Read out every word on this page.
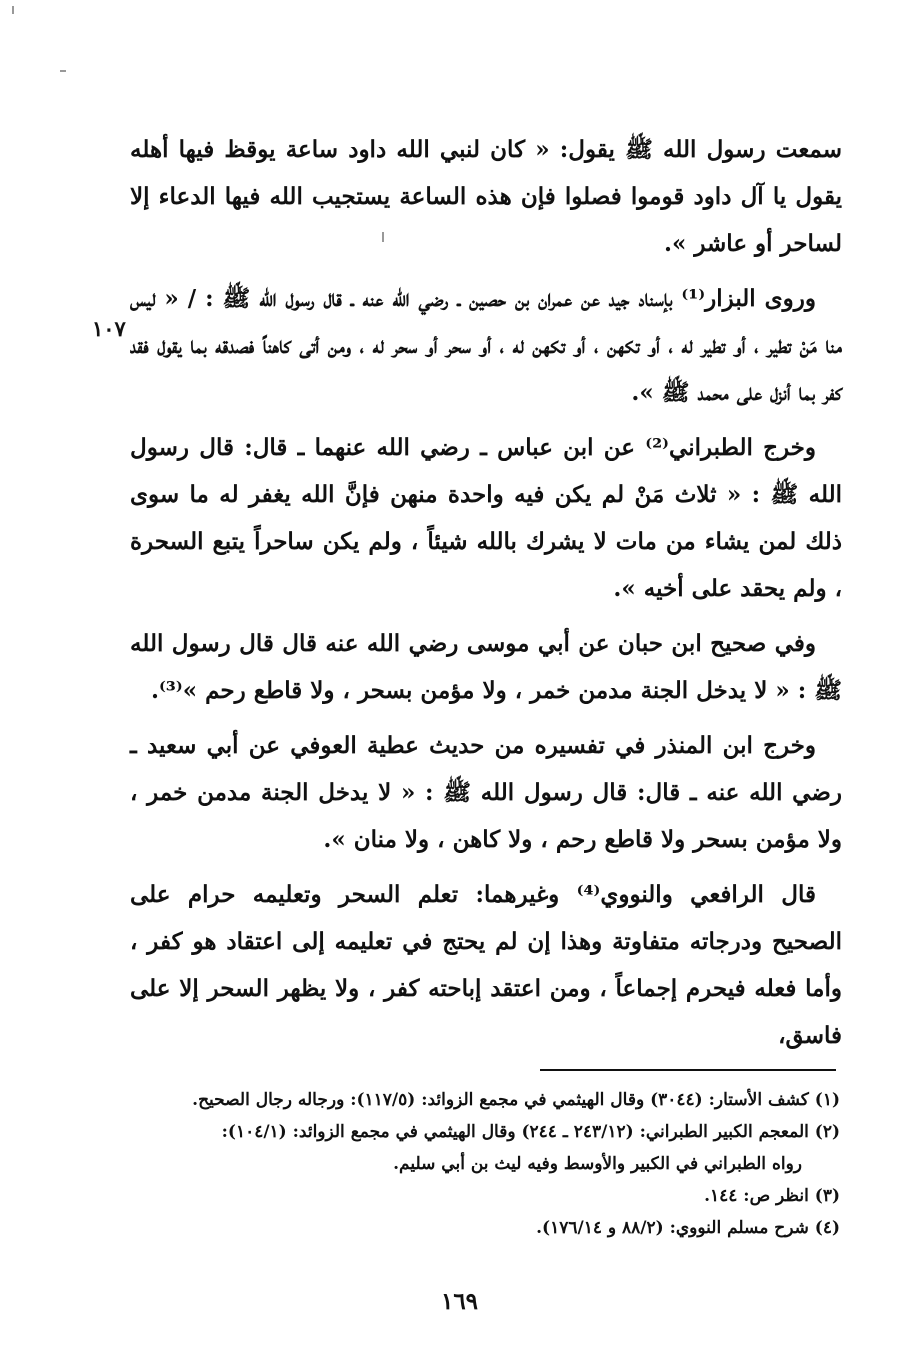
سمعت رسول الله ﷺ يقول: « كان لنبي الله داود ساعة يوقظ فيها أهله يقول يا آل داود قوموا فصلوا فإن هذه الساعة يستجيب الله فيها الدعاء إلا لساحر أو عاشر ».

وروى البزار⁽¹⁾ بإسناد جيد عن عمران بن حصين ـ رضي الله عنه ـ قال رسول الله ﷺ : / « ليس منا مَنْ تطير ، أو تطير له ، أو تكهن ، أو تكهن له ، أو سحر أو سحر له ، ومن أتى كاهناً فصدقه بما يقول فقد كفر بما أنزل على محمد ﷺ ».

وخرج الطبراني⁽²⁾ عن ابن عباس ـ رضي الله عنهما ـ قال: قال رسول الله ﷺ : « ثلاث مَنْ لم يكن فيه واحدة منهن فإنَّ الله يغفر له ما سوى ذلك لمن يشاء من مات لا يشرك بالله شيئاً ، ولم يكن ساحراً يتبع السحرة ، ولم يحقد على أخيه ».

وفي صحيح ابن حبان عن أبي موسى رضي الله عنه قال قال رسول الله ﷺ : « لا يدخل الجنة مدمن خمر ، ولا مؤمن بسحر ، ولا قاطع رحم »⁽³⁾.

وخرج ابن المنذر في تفسيره من حديث عطية العوفي عن أبي سعيد ـ رضي الله عنه ـ قال: قال رسول الله ﷺ : « لا يدخل الجنة مدمن خمر ، ولا مؤمن بسحر ولا قاطع رحم ، ولا كاهن ، ولا منان ».

قال الرافعي والنووي⁽⁴⁾ وغيرهما: تعلم السحر وتعليمه حرام على الصحيح ودرجاته متفاوتة وهذا إن لم يحتج في تعليمه إلى اعتقاد هو كفر ، وأما فعله فيحرم إجماعاً ، ومن اعتقد إباحته كفر ، ولا يظهر السحر إلا على فاسق،

١٠٧

(١) كشف الأستار: (٣٠٤٤) وقال الهيثمي في مجمع الزوائد: (١١٧/٥): ورجاله رجال الصحيح.

(٢) المعجم الكبير الطبراني: (٢٤٣/١٢ ـ ٢٤٤) وقال الهيثمي في مجمع الزوائد: (١٠٤/١):

رواه الطبراني في الكبير والأوسط وفيه ليث بن أبي سليم.

(٣) انظر ص: ١٤٤.

(٤) شرح مسلم النووي: (٨٨/٢ و ١٧٦/١٤).

١٦٩
